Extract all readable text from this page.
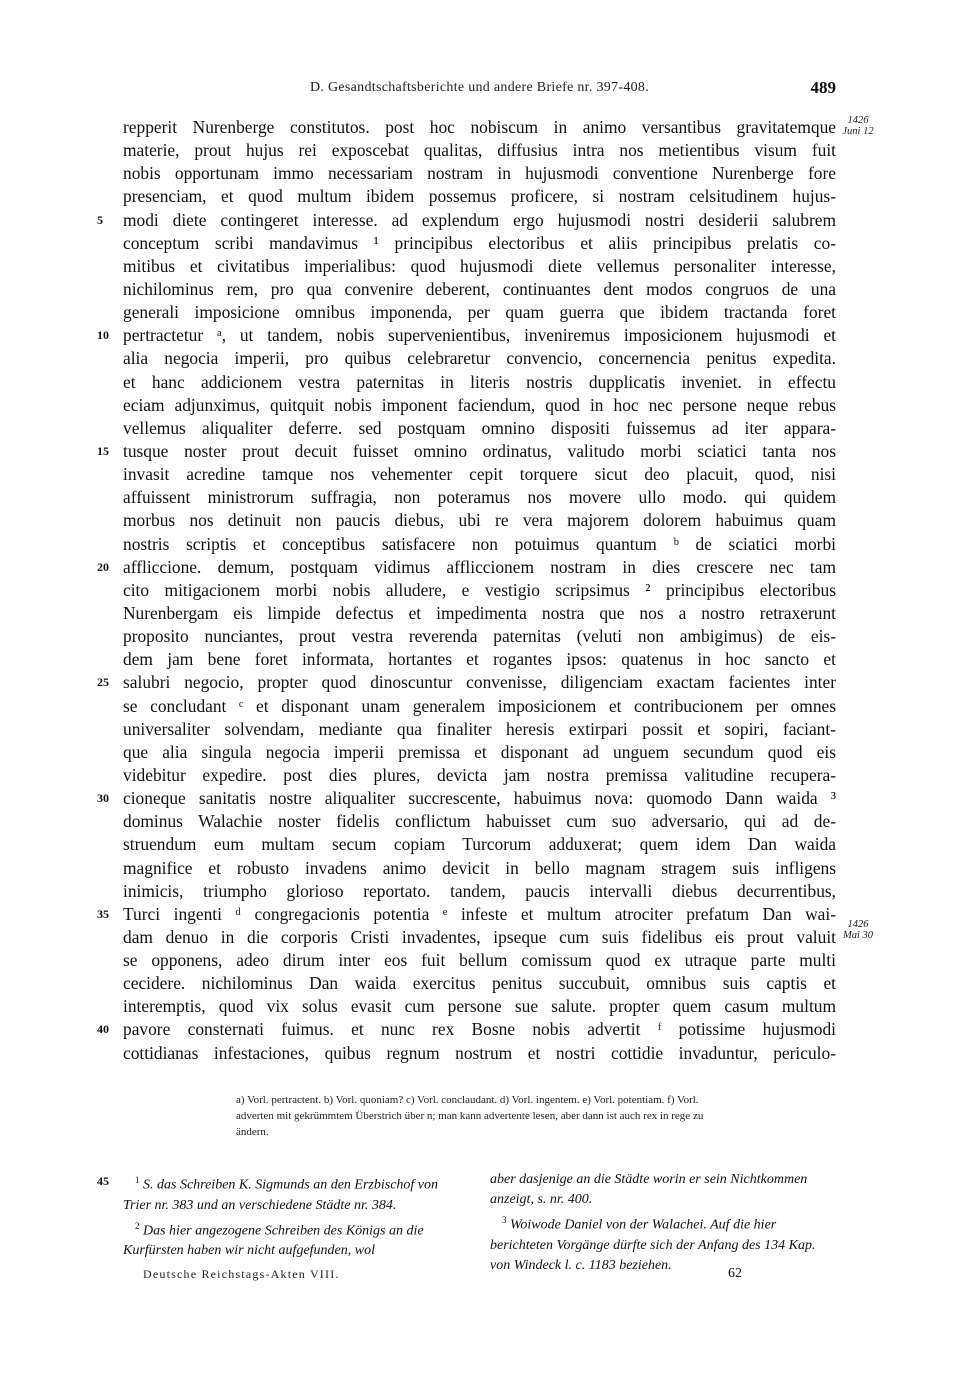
D. Gesandtschaftsberichte und andere Briefe nr. 397-408.	489
1426
Juni 12
1426
Mai 30
repperit Nurenberge constitutos. post hoc nobiscum in animo versantibus gravitatemque
materie, prout hujus rei exposcebat qualitas, diffusius intra nos metientibus visum fuit
nobis opportunam immo necessariam nostram in hujusmodi conventione Nurenberge fore
presenciam, et quod multum ibidem possemus proficere, si nostram celsitudinem hujus-
5	modi diete contingeret interesse. ad explendum ergo hujusmodi nostri desiderii salubrem
conceptum scribi mandavimus ¹ principibus electoribus et aliis principibus prelatis co-
mitibus et civitatibus imperialibus: quod hujusmodi diete vellemus personaliter interesse,
nichilominus rem, pro qua convenire deberent, continuantes dent modos congruos de una
generali imposicione omnibus imponenda, per quam guerra que ibidem tractanda foret
10 pertractetur ᵃ, ut tandem, nobis supervenientibus, inveniremus imposicionem hujusmodi et
alia negocia imperii, pro quibus celebraretur convencio, concernencia penitus expedita.
et hanc addicionem vestra paternitas in literis nostris dupplicatis inveniet. in effectu
eciam adjunximus, quitquit nobis imponent faciendum, quod in hoc nec persone neque rebus
vellemus aliqualiter deferre. sed postquam omnino dispositi fuissemus ad iter appara-
15 tusque noster prout decuit fuisset omnino ordinatus, valitudo morbi sciatici tanta nos
invasit acredine tamque nos vehementer cepit torquere sicut deo placuit, quod, nisi
affuissent ministrorum suffragia, non poteramus nos movere ullo modo. qui quidem
morbus nos detinuit non paucis diebus, ubi re vera majorem dolorem habuimus quam
nostris scriptis et conceptibus satisfacere non potuimus quantum ᵇ de sciatici morbi
20 affliccione. demum, postquam vidimus affliccionem nostram in dies crescere nec tam
cito mitigacionem morbi nobis alludere, e vestigio scripsimus ² principibus electoribus
Nurenbergam eis limpide defectus et impedimenta nostra que nos a nostro retraxerunt
proposito nunciantes, prout vestra reverenda paternitas (veluti non ambigimus) de eis-
dem jam bene foret informata, hortantes et rogantes ipsos: quatenus in hoc sancto et
25 salubri negocio, propter quod dinoscuntur convenisse, diligenciam exactam facientes inter
se concludant ᶜ et disponant unam generalem imposicionem et contribucionem per omnes
universaliter solvendam, mediante qua finaliter heresis extirpari possit et sopiri, faciant-
que alia singula negocia imperii premissa et disponant ad unguem secundum quod eis
videbitur expedire. post dies plures, devicta jam nostra premissa valitudine recupera-
30 cioneque sanitatis nostre aliqualiter succrescente, habuimus nova: quomodo Dann waida ³
dominus Walachie noster fidelis conflictum habuisset cum suo adversario, qui ad de-
struendum eum multam secum copiam Turcorum adduxerat; quem idem Dan waida
magnifice et robusto invadens animo devicit in bello magnam stragem suis infligens
inimicis, triumpho glorioso reportato. tandem, paucis intervalli diebus decurrentibus,
35 Turci ingenti ᵈ congregacionis potentia ᵉ infeste et multum atrociter prefatum Dan wai-
dam denuo in die corporis Cristi invadentes, ipseque cum suis fidelibus eis prout valuit
se opponens, adeo dirum inter eos fuit bellum comissum quod ex utraque parte multi
cecidere. nichilominus Dan waida exercitus penitus succubuit, omnibus suis captis et
interemptis, quod vix solus evasit cum persone sue salute. propter quem casum multum
40 pavore consternati fuimus. et nunc rex Bosne nobis advertit ᶠ potissime hujusmodi
cottidianas infestaciones, quibus regnum nostrum et nostri cottidie invaduntur, periculo-
a) Vorl. pertractent. b) Vorl. quoniam? c) Vorl. conclaudant. d) Vorl. ingentem. e) Vorl. potentiam. f) Vorl.
adverten mit gekrümmtem Überstrich über n; man kann advertente lesen, aber dann ist auch rex in rege zu
ändern.
45	$^1$ S. das Schreiben K. Sigmunds an den Erzbischof von Trier nr. 383 und an verschiedene Städte nr. 384.
$^2$ Das hier angezogene Schreiben des Königs an die Kurfürsten haben wir nicht aufgefunden, wol
aber dasjenige an die Städte worin er sein Nichtkommen anzeigt, s. nr. 400.
$^3$ Woiwode Daniel von der Walachei. Auf die hier berichteten Vorgänge dürfte sich der Anfang des 134 Kap. von Windeck l. c. 1183 beziehen.
Deutsche Reichstags-Akten VIII.	62
